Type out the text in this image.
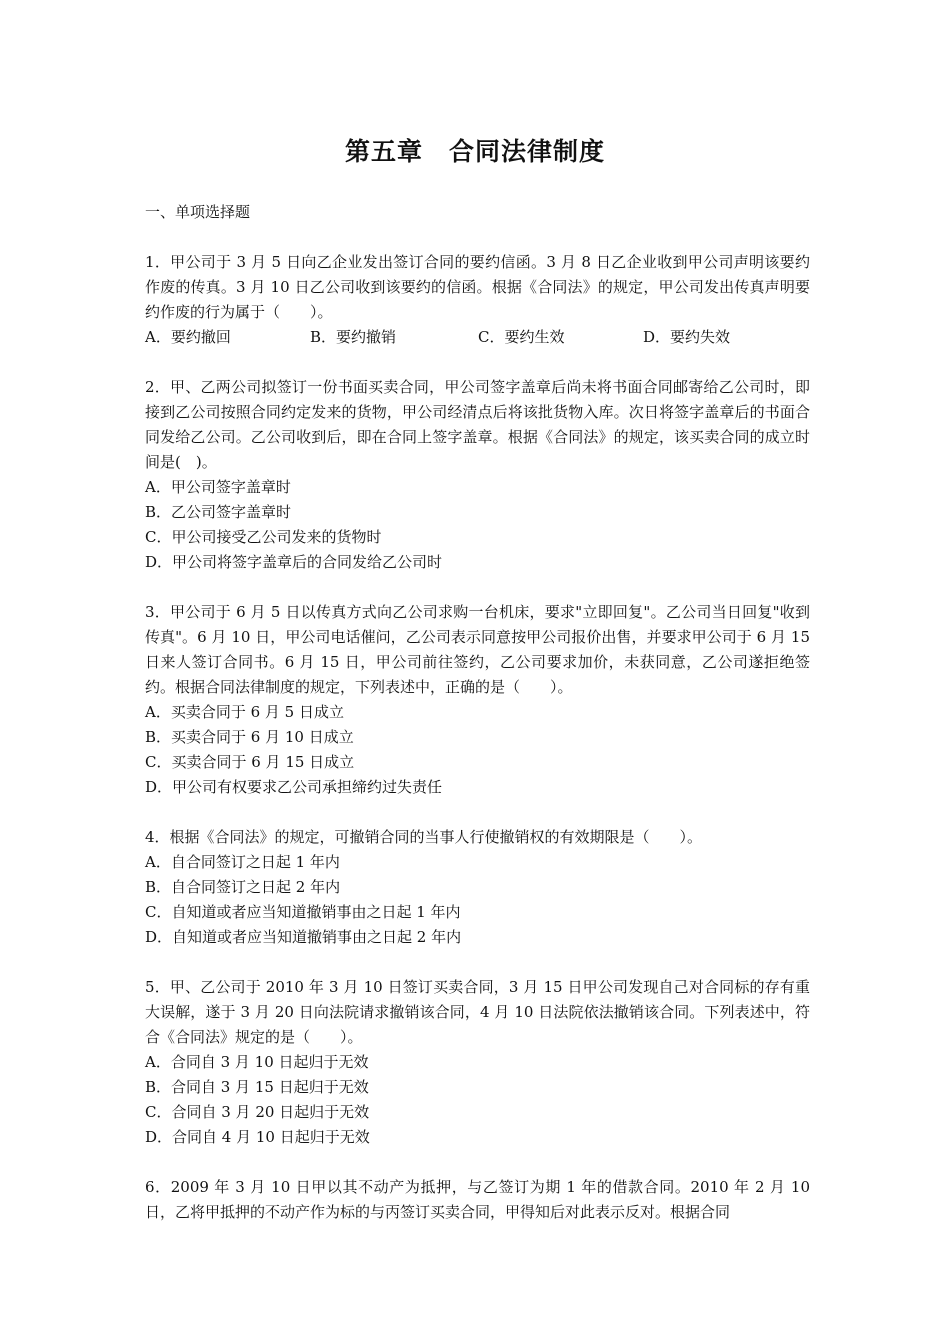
第五章　合同法律制度
一、单项选择题
1．甲公司于 3 月 5 日向乙企业发出签订合同的要约信函。3 月 8 日乙企业收到甲公司声明该要约作废的传真。3 月 10 日乙公司收到该要约的信函。根据《合同法》的规定，甲公司发出传真声明要约作废的行为属于（　　）。
A．要约撤回	B．要约撤销	C．要约生效	D．要约失效
2．甲、乙两公司拟签订一份书面买卖合同，甲公司签字盖章后尚未将书面合同邮寄给乙公司时，即接到乙公司按照合同约定发来的货物，甲公司经清点后将该批货物入库。次日将签字盖章后的书面合同发给乙公司。乙公司收到后，即在合同上签字盖章。根据《合同法》的规定，该买卖合同的成立时间是(　)。
A．甲公司签字盖章时
B．乙公司签字盖章时
C．甲公司接受乙公司发来的货物时
D．甲公司将签字盖章后的合同发给乙公司时
3．甲公司于 6 月 5 日以传真方式向乙公司求购一台机床，要求"立即回复"。乙公司当日回复"收到传真"。6 月 10 日，甲公司电话催问，乙公司表示同意按甲公司报价出售，并要求甲公司于 6 月 15 日来人签订合同书。6 月 15 日，甲公司前往签约，乙公司要求加价，未获同意，乙公司遂拒绝签约。根据合同法律制度的规定，下列表述中，正确的是（　　）。
A．买卖合同于 6 月 5 日成立
B．买卖合同于 6 月 10 日成立
C．买卖合同于 6 月 15 日成立
D．甲公司有权要求乙公司承担缔约过失责任
4．根据《合同法》的规定，可撤销合同的当事人行使撤销权的有效期限是（　　）。
A．自合同签订之日起 1 年内
B．自合同签订之日起 2 年内
C．自知道或者应当知道撤销事由之日起 1 年内
D．自知道或者应当知道撤销事由之日起 2 年内
5．甲、乙公司于 2010 年 3 月 10 日签订买卖合同，3 月 15 日甲公司发现自己对合同标的存有重大误解，遂于 3 月 20 日向法院请求撤销该合同，4 月 10 日法院依法撤销该合同。下列表述中，符合《合同法》规定的是（　　）。
A．合同自 3 月 10 日起归于无效
B．合同自 3 月 15 日起归于无效
C．合同自 3 月 20 日起归于无效
D．合同自 4 月 10 日起归于无效
6．2009 年 3 月 10 日甲以其不动产为抵押，与乙签订为期 1 年的借款合同。2010 年 2 月 10 日，乙将甲抵押的不动产作为标的与丙签订买卖合同，甲得知后对此表示反对。根据合同
